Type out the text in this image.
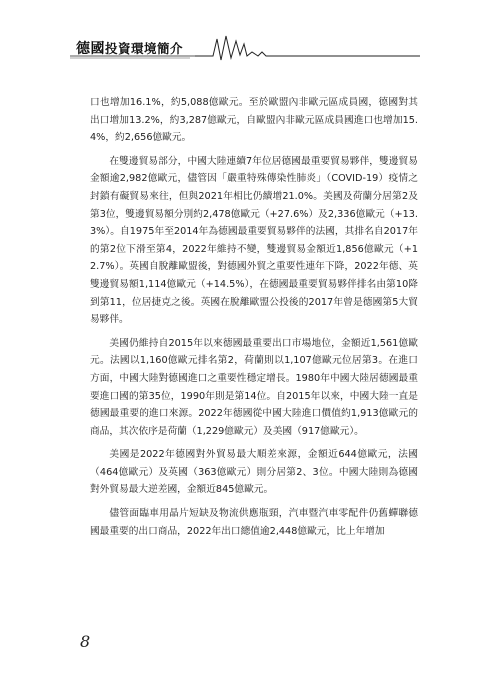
德國投資環境簡介

口也增加16.1%，約5,088億歐元。至於歐盟內非歐元區成員國，德國對其出口增加13.2%，約3,287億歐元，自歐盟內非歐元區成員國進口也增加15.4%，約2,656億歐元。

在雙邊貿易部分，中國大陸連續7年位居德國最重要貿易夥伴，雙邊貿易金額逾2,982億歐元，儘管因「嚴重特殊傳染性肺炎」（COVID-19）疫情之封鎖有礙貿易來往，但與2021年相比仍續增21.0%。美國及荷蘭分居第2及第3位，雙邊貿易額分別約2,478億歐元（+27.6%）及2,336億歐元（+13.3%）。自1975年至2014年為德國最重要貿易夥伴的法國，其排名自2017年的第2位下滑至第4，2022年維持不變，雙邊貿易金額近1,856億歐元（+12.7%）。英國自脫離歐盟後，對德國外貿之重要性連年下降，2022年德、英雙邊貿易額1,114億歐元（+14.5%），在德國最重要貿易夥伴排名由第10降到第11，位居捷克之後。英國在脫離歐盟公投後的2017年曾是德國第5大貿易夥伴。

美國仍維持自2015年以來德國最重要出口市場地位，金額近1,561億歐元。法國以1,160億歐元排名第2，荷蘭則以1,107億歐元位居第3。在進口方面，中國大陸對德國進口之重要性穩定增長。1980年中國大陸居德國最重要進口國的第35位，1990年則是第14位。自2015年以來，中國大陸一直是德國最重要的進口來源。2022年德國從中國大陸進口價值約1,913億歐元的商品，其次依序是荷蘭（1,229億歐元）及美國（917億歐元）。

美國是2022年德國對外貿易最大順差來源，金額近644億歐元，法國（464億歐元）及英國（363億歐元）則分居第2、3位。中國大陸則為德國對外貿易最大逆差國，金額近845億歐元。

儘管面臨車用晶片短缺及物流供應瓶頸，汽車暨汽車零配件仍舊蟬聯德國最重要的出口商品，2022年出口總值逾2,448億歐元，比上年增加

8
